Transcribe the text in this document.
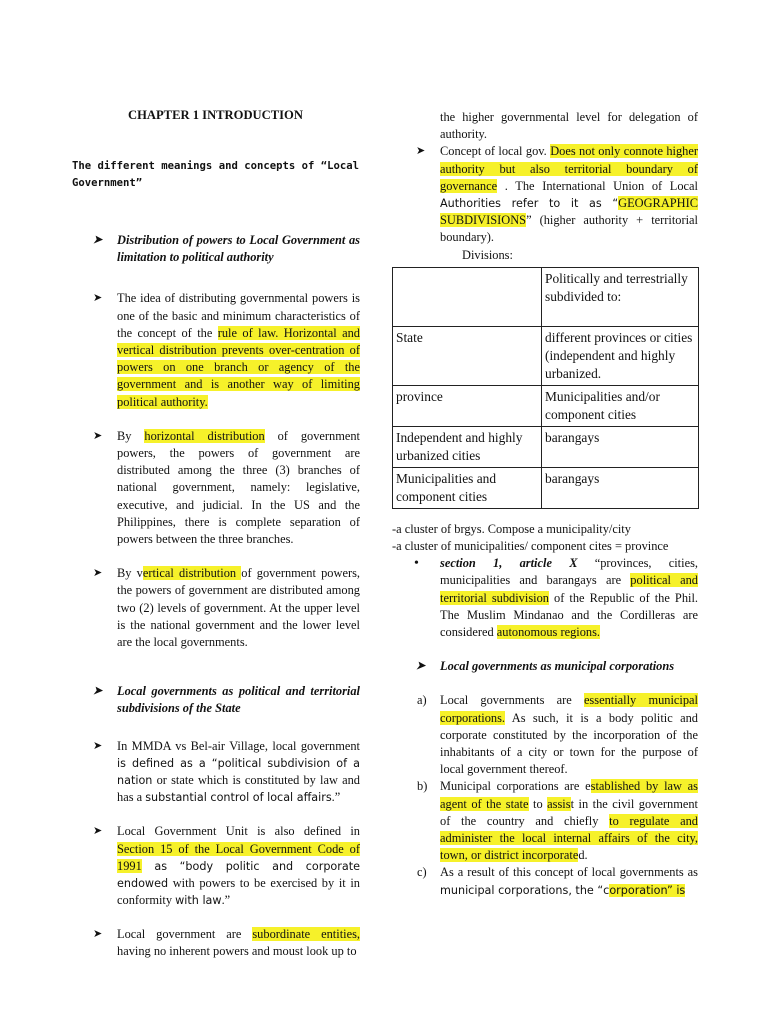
CHAPTER 1 INTRODUCTION
The different meanings and concepts of “Local
Government”
➤ Distribution of powers to Local Government as limitation to political authority
➤ The idea of distributing governmental powers is one of the basic and minimum characteristics of the concept of the rule of law. Horizontal and vertical distribution prevents over-centration of powers on one branch or agency of the government and is another way of limiting political authority.
➤ By horizontal distribution of government powers, the powers of government are distributed among the three (3) branches of national government, namely: legislative, executive, and judicial. In the US and the Philippines, there is complete separation of powers between the three branches.
➤ By vertical distribution of government powers, the powers of government are distributed among two (2) levels of government. At the upper level is the national government and the lower level are the local governments.
➤ Local governments as political and territorial subdivisions of the State
➤ In MMDA vs Bel-air Village, local government is defined as a “political subdivision of a nation or state which is constituted by law and has a substantial control of local affairs.”
➤ Local Government Unit is also defined in Section 15 of the Local Government Code of 1991 as “body politic and corporate endowed with powers to be exercised by it in conformity with law.”
➤ Local government are subordinate entities, having no inherent powers and moust look up to
the higher governmental level for delegation of authority.
➤ Concept of local gov. Does not only connote higher authority but also territorial boundary of governance . The International Union of Local Authorities refer to it as “GEOGRAPHIC SUBDIVISIONS” (higher authority + territorial boundary).
Divisions:
	Politically and terrestrially subdivided to:
State	different provinces or cities (independent and highly urbanized.
province	Municipalities and/or component cities
Independent and highly urbanized cities	barangays
Municipalities and component cities	barangays
-a cluster of brgys. Compose a municipality/city
-a cluster of municipalities/ component cites = province
• section 1, article X “provinces, cities, municipalities and barangays are political and territorial subdivision of the Republic of the Phil. The Muslim Mindanao and the Cordilleras are considered autonomous regions.
➤ Local governments as municipal corporations
a) Local governments are essentially municipal corporations. As such, it is a body politic and corporate constituted by the incorporation of the inhabitants of a city or town for the purpose of local government thereof.
b) Municipal corporations are established by law as agent of the state to assist in the civil government of the country and chiefly to regulate and administer the local internal affairs of the city, town, or district incorporated.
c) As a result of this concept of local governments as municipal corporations, the “corporation” is
